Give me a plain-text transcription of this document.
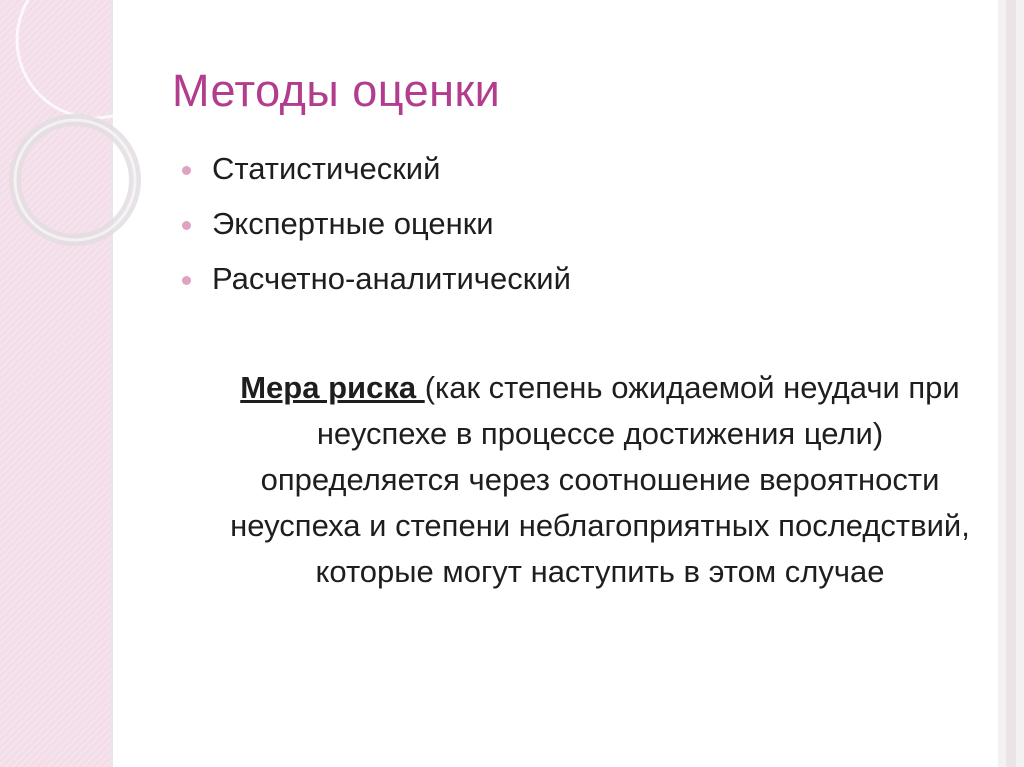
Методы оценки
Статистический
Экспертные оценки
Расчетно-аналитический
Мера риска (как степень ожидаемой неудачи при неуспехе в процессе достижения цели) определяется через соотношение вероятности неуспеха и степени неблагоприятных последствий, которые могут наступить в этом случае
